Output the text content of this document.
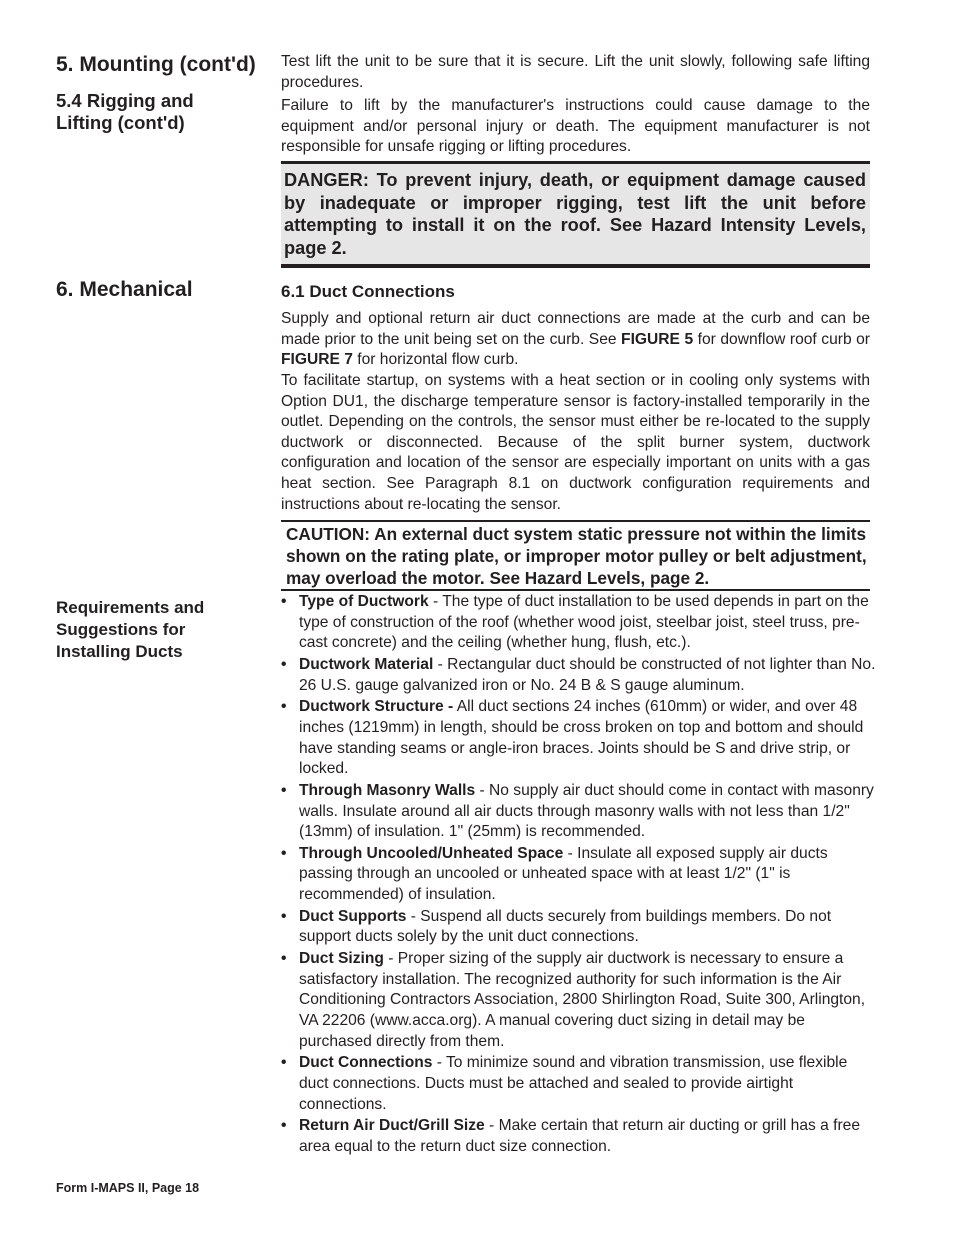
5. Mounting (cont'd)
5.4 Rigging and
Lifting (cont'd)
Test lift the unit to be sure that it is secure. Lift the unit slowly, following safe lifting procedures.
Failure to lift by the manufacturer's instructions could cause damage to the equipment and/or personal injury or death. The equipment manufacturer is not responsible for unsafe rigging or lifting procedures.
DANGER: To prevent injury, death, or equipment damage caused by inadequate or improper rigging, test lift the unit before attempting to install it on the roof. See Hazard Intensity Levels, page 2.
6. Mechanical	6.1 Duct Connections
Supply and optional return air duct connections are made at the curb and can be made prior to the unit being set on the curb. See FIGURE 5 for downflow roof curb or FIGURE 7 for horizontal flow curb.
To facilitate startup, on systems with a heat section or in cooling only systems with Option DU1, the discharge temperature sensor is factory-installed temporarily in the outlet. Depending on the controls, the sensor must either be re-located to the supply ductwork or disconnected. Because of the split burner system, ductwork configuration and location of the sensor are especially important on units with a gas heat section. See Paragraph 8.1 on ductwork configuration requirements and instructions about re-locating the sensor.
CAUTION: An external duct system static pressure not within the limits shown on the rating plate, or improper motor pulley or belt adjustment, may overload the motor. See Hazard Levels, page 2.
Requirements and
Suggestions for
Installing Ducts
• Type of Ductwork - The type of duct installation to be used depends in part on the type of construction of the roof (whether wood joist, steelbar joist, steel truss, pre-cast concrete) and the ceiling (whether hung, flush, etc.).
• Ductwork Material - Rectangular duct should be constructed of not lighter than No. 26 U.S. gauge galvanized iron or No. 24 B & S gauge aluminum.
• Ductwork Structure - All duct sections 24 inches (610mm) or wider, and over 48 inches (1219mm) in length, should be cross broken on top and bottom and should have standing seams or angle-iron braces. Joints should be S and drive strip, or locked.
• Through Masonry Walls - No supply air duct should come in contact with masonry walls. Insulate around all air ducts through masonry walls with not less than 1/2" (13mm) of insulation. 1" (25mm) is recommended.
• Through Uncooled/Unheated Space - Insulate all exposed supply air ducts passing through an uncooled or unheated space with at least 1/2" (1" is recommended) of insulation.
• Duct Supports - Suspend all ducts securely from buildings members. Do not support ducts solely by the unit duct connections.
• Duct Sizing - Proper sizing of the supply air ductwork is necessary to ensure a satisfactory installation. The recognized authority for such information is the Air Conditioning Contractors Association, 2800 Shirlington Road, Suite 300, Arlington, VA 22206 (www.acca.org). A manual covering duct sizing in detail may be purchased directly from them.
• Duct Connections - To minimize sound and vibration transmission, use flexible duct connections. Ducts must be attached and sealed to provide airtight connections.
• Return Air Duct/Grill Size - Make certain that return air ducting or grill has a free area equal to the return duct size connection.
Form I-MAPS II, Page 18
